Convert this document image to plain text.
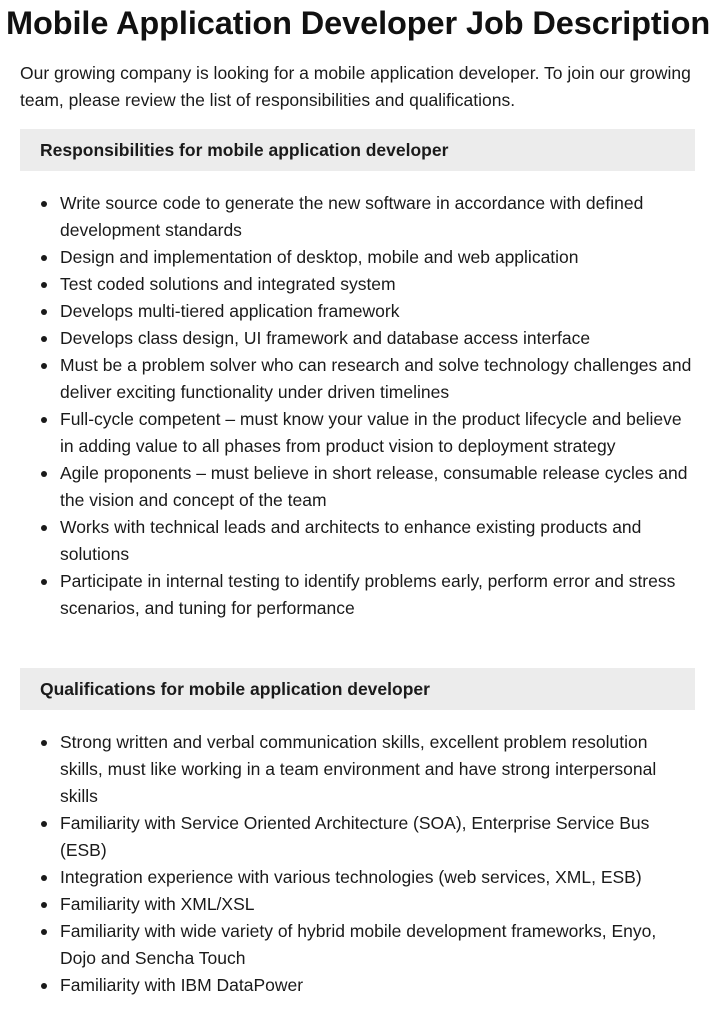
Mobile Application Developer Job Description

Our growing company is looking for a mobile application developer. To join our growing team, please review the list of responsibilities and qualifications.

Responsibilities for mobile application developer
Write source code to generate the new software in accordance with defined development standards
Design and implementation of desktop, mobile and web application
Test coded solutions and integrated system
Develops multi-tiered application framework
Develops class design, UI framework and database access interface
Must be a problem solver who can research and solve technology challenges and deliver exciting functionality under driven timelines
Full-cycle competent – must know your value in the product lifecycle and believe in adding value to all phases from product vision to deployment strategy
Agile proponents – must believe in short release, consumable release cycles and the vision and concept of the team
Works with technical leads and architects to enhance existing products and solutions
Participate in internal testing to identify problems early, perform error and stress scenarios, and tuning for performance
Qualifications for mobile application developer
Strong written and verbal communication skills, excellent problem resolution skills, must like working in a team environment and have strong interpersonal skills
Familiarity with Service Oriented Architecture (SOA), Enterprise Service Bus (ESB)
Integration experience with various technologies (web services, XML, ESB)
Familiarity with XML/XSL
Familiarity with wide variety of hybrid mobile development frameworks, Enyo, Dojo and Sencha Touch
Familiarity with IBM DataPower
